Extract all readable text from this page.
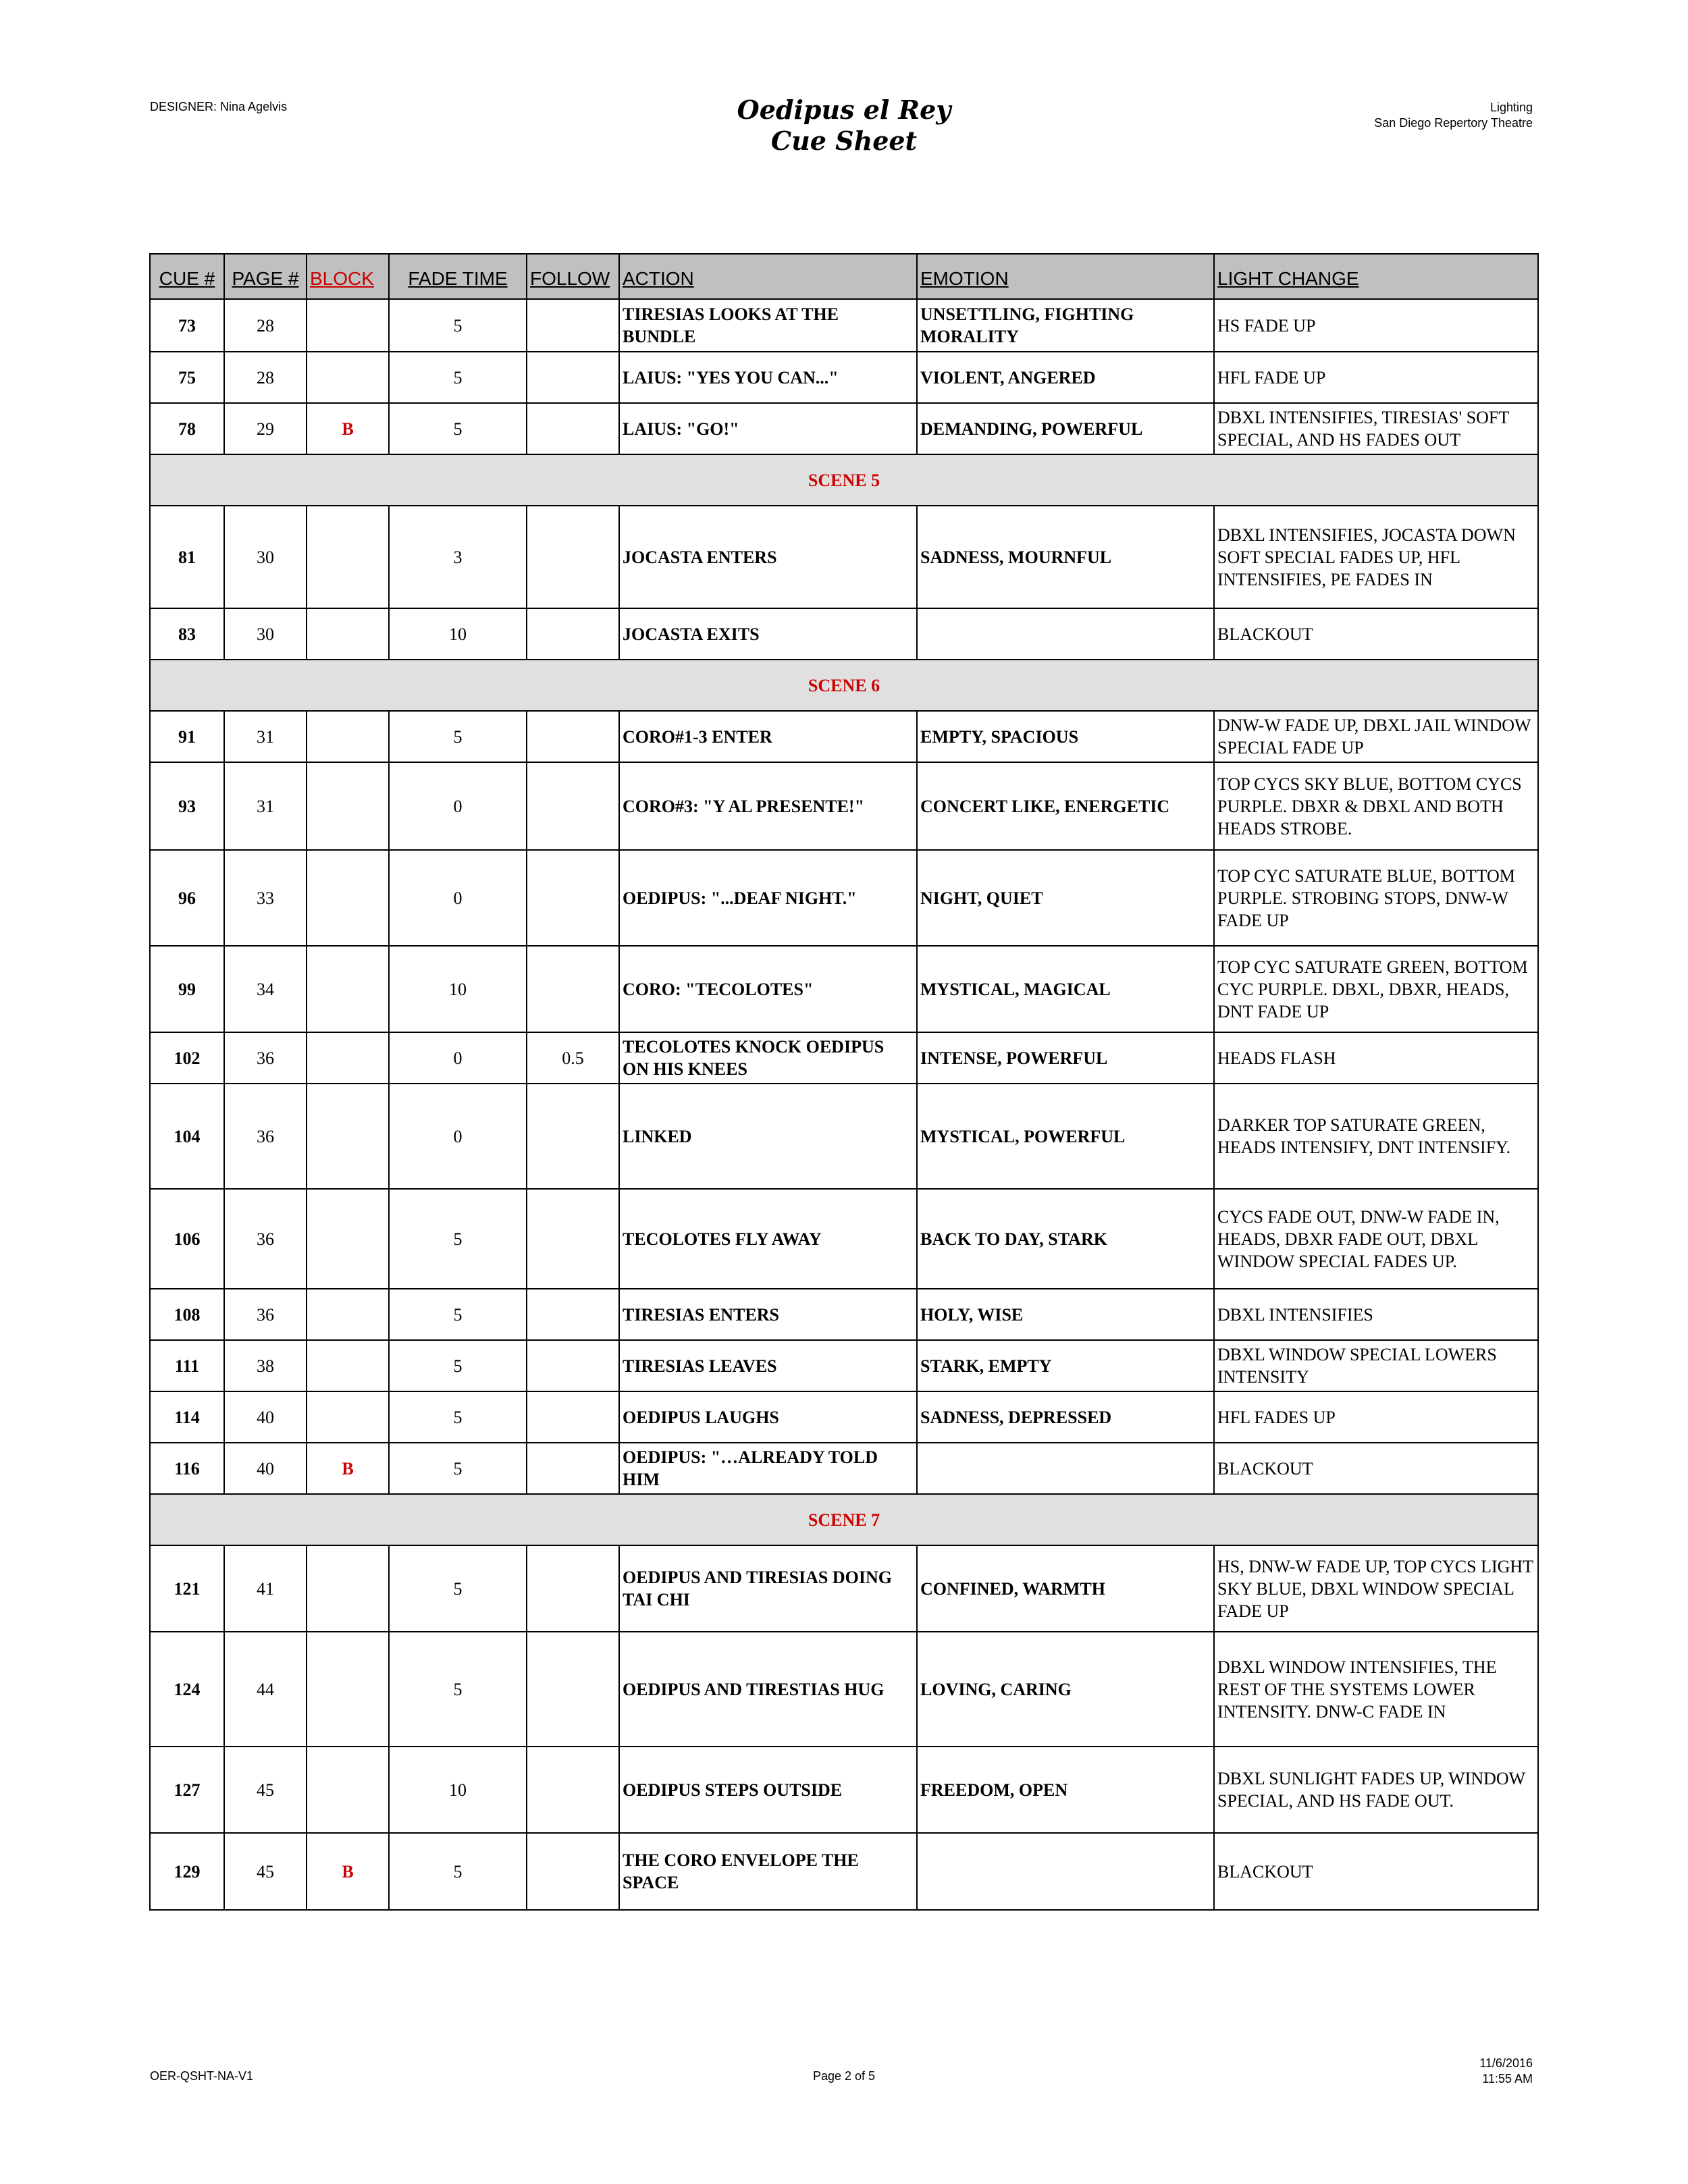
DESIGNER: Nina Agelvis	Oedipus el Rey
Cue Sheet
Lighting
San Diego Repertory Theatre
CUE #	PAGE #	BLOCK	FADE TIME	FOLLOW	ACTION	EMOTION	LIGHT CHANGE
73	28		5		TIRESIAS LOOKS AT THE BUNDLE	UNSETTLING, FIGHTING MORALITY	HS FADE UP
75	28		5		LAIUS: "YES YOU CAN..."	VIOLENT, ANGERED	HFL FADE UP
78	29	B	5		LAIUS: "GO!"	DEMANDING, POWERFUL	DBXL INTENSIFIES, TIRESIAS' SOFT SPECIAL, AND HS FADES OUT
SCENE 5							
81	30		3		JOCASTA ENTERS	SADNESS, MOURNFUL	DBXL INTENSIFIES, JOCASTA DOWN SOFT SPECIAL FADES UP, HFL INTENSIFIES, PE FADES IN
83	30		10		JOCASTA EXITS		BLACKOUT
SCENE 6							
91	31		5		CORO#1-3 ENTER	EMPTY, SPACIOUS	DNW-W FADE UP, DBXL JAIL WINDOW SPECIAL FADE UP
93	31		0		CORO#3: "Y AL PRESENTE!"	CONCERT LIKE, ENERGETIC	TOP CYCS SKY BLUE, BOTTOM CYCS PURPLE. DBXR & DBXL AND BOTH HEADS STROBE.
96	33		0		OEDIPUS: "...DEAF NIGHT."	NIGHT, QUIET	TOP CYC SATURATE BLUE, BOTTOM PURPLE. STROBING STOPS, DNW-W FADE UP
99	34		10		CORO: "TECOLOTES"	MYSTICAL, MAGICAL	TOP CYC SATURATE GREEN, BOTTOM CYC PURPLE. DBXL, DBXR, HEADS, DNT FADE UP
102	36		0	0.5	TECOLOTES KNOCK OEDIPUS ON HIS KNEES	INTENSE, POWERFUL	HEADS FLASH
104	36		0		LINKED	MYSTICAL, POWERFUL	DARKER TOP SATURATE GREEN, HEADS INTENSIFY, DNT INTENSIFY.
106	36		5		TECOLOTES FLY AWAY	BACK TO DAY, STARK	CYCS FADE OUT, DNW-W FADE IN, HEADS, DBXR FADE OUT, DBXL WINDOW SPECIAL FADES UP.
108	36		5		TIRESIAS ENTERS	HOLY, WISE	DBXL INTENSIFIES
111	38		5		TIRESIAS LEAVES	STARK, EMPTY	DBXL WINDOW SPECIAL LOWERS INTENSITY
114	40		5		OEDIPUS LAUGHS	SADNESS, DEPRESSED	HFL FADES UP
116	40	B	5		OEDIPUS: "…ALREADY TOLD HIM		BLACKOUT
SCENE 7							
121	41		5		OEDIPUS AND TIRESIAS DOING TAI CHI	CONFINED, WARMTH	HS, DNW-W FADE UP, TOP CYCS LIGHT SKY BLUE, DBXL WINDOW SPECIAL FADE UP
124	44		5		OEDIPUS AND TIRESTIAS HUG	LOVING, CARING	DBXL WINDOW INTENSIFIES, THE REST OF THE SYSTEMS LOWER INTENSITY. DNW-C FADE IN
127	45		10		OEDIPUS STEPS OUTSIDE	FREEDOM, OPEN	DBXL SUNLIGHT FADES UP, WINDOW SPECIAL, AND HS FADE OUT.
129	45	B	5		THE CORO ENVELOPE THE SPACE		BLACKOUT
OER-QSHT-NA-V1	Page 2 of 5
11/6/2016
11:55 AM
